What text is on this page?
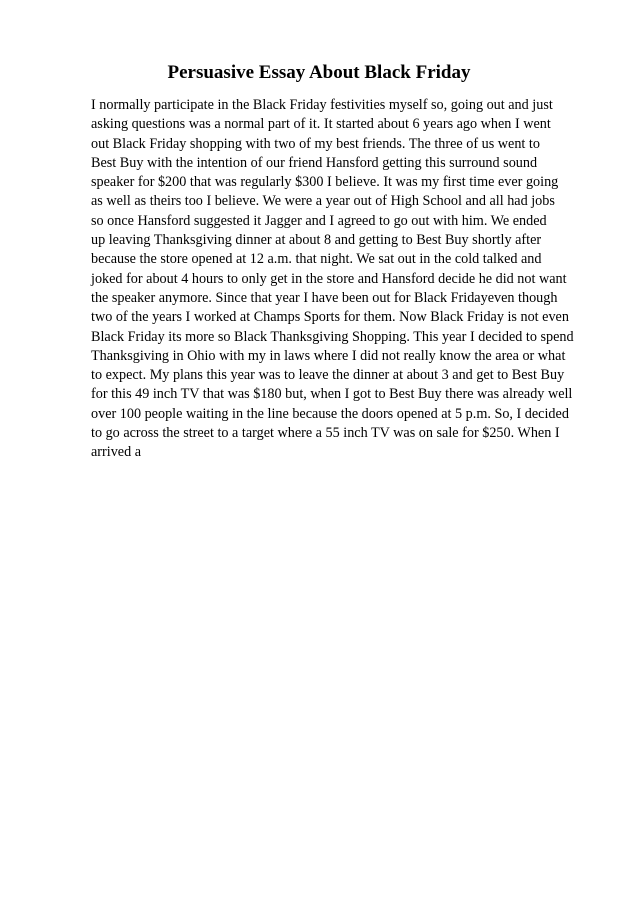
Persuasive Essay About Black Friday
I normally participate in the Black Friday festivities myself so, going out and just
asking questions was a normal part of it. It started about 6 years ago when I went
out Black Friday shopping with two of my best friends. The three of us went to
Best Buy with the intention of our friend Hansford getting this surround sound
speaker for $200 that was regularly $300 I believe. It was my first time ever going
as well as theirs too I believe. We were a year out of High School and all had jobs
so once Hansford suggested it Jagger and I agreed to go out with him. We ended
up leaving Thanksgiving dinner at about 8 and getting to Best Buy shortly after
because the store opened at 12 a.m. that night. We sat out in the cold talked and
joked for about 4 hours to only get in the store and Hansford decide he did not want
the speaker anymore. Since that year I have been out for Black Fridayeven though
two of the years I worked at Champs Sports for them. Now Black Friday is not even
Black Friday its more so Black Thanksgiving Shopping. This year I decided to spend
Thanksgiving in Ohio with my in laws where I did not really know the area or what
to expect. My plans this year was to leave the dinner at about 3 and get to Best Buy
for this 49 inch TV that was $180 but, when I got to Best Buy there was already well
over 100 people waiting in the line because the doors opened at 5 p.m. So, I decided
to go across the street to a target where a 55 inch TV was on sale for $250. When I
arrived a
